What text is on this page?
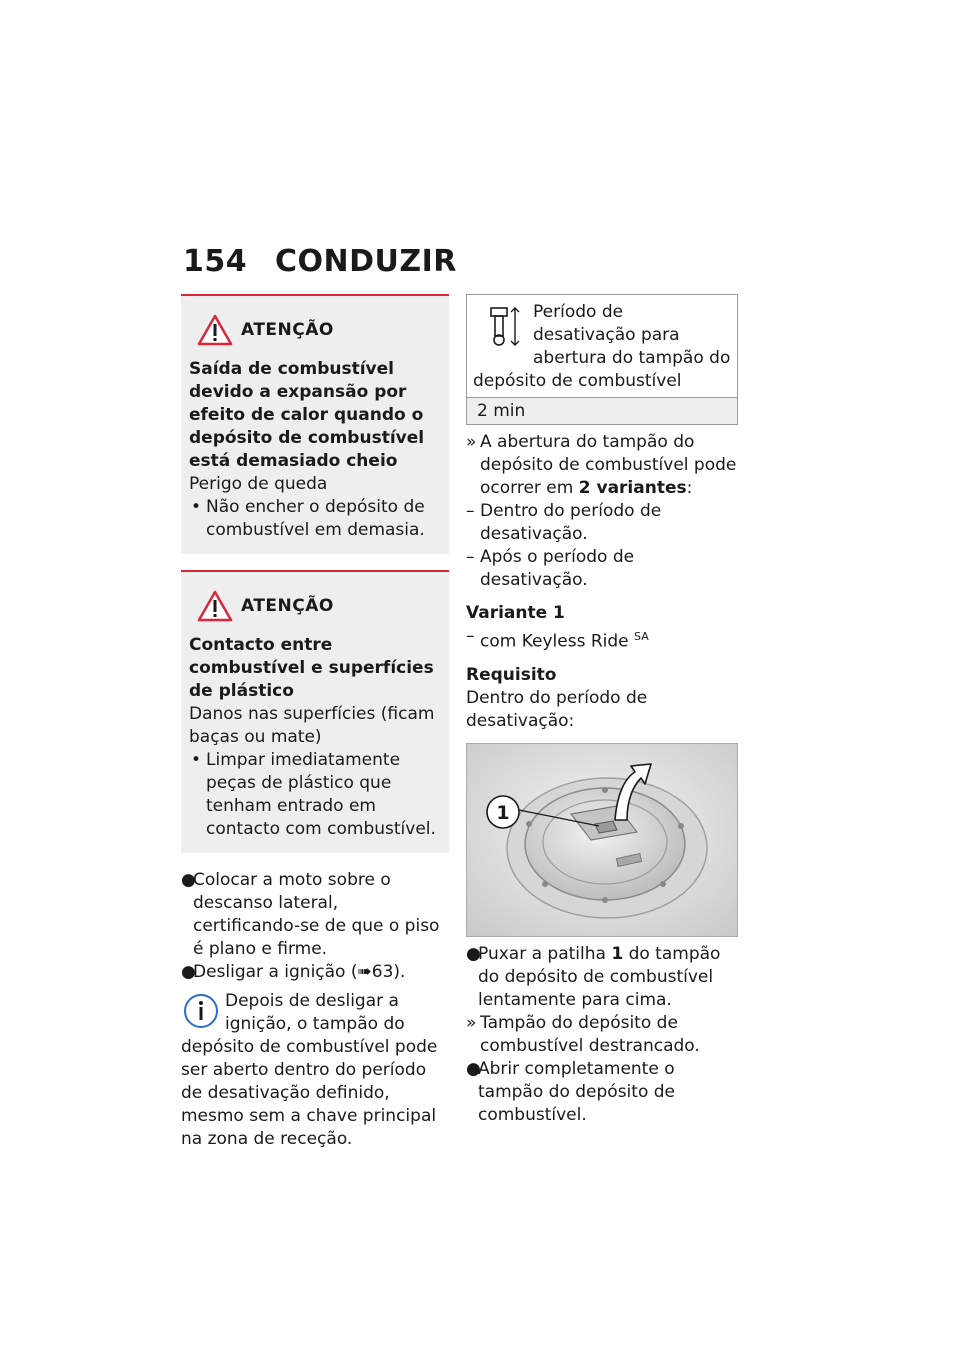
154 CONDUZIR
ATENÇÃO
Saída de combustível devido a expansão por efeito de calor quando o depósito de combustível está demasiado cheio
Perigo de queda
• Não encher o depósito de combustível em demasia.
ATENÇÃO
Contacto entre combustível e superfícies de plástico
Danos nas superfícies (ficam baças ou mate)
• Limpar imediatamente peças de plástico que tenham entrado em contacto com combustível.
●
Colocar a moto sobre o descanso lateral, certificando-se de que o piso é plano e firme.
●
Desligar a ignição (➠63).
Depois de desligar a ignição, o tampão do depósito de combustível pode ser aberto dentro do período de desativação definido, mesmo sem a chave principal na zona de receção.
Período de desativação para abertura do tampão do depósito de combustível
2 min
» A abertura do tampão do depósito de combustível pode ocorrer em 2 variantes:
– Dentro do período de desativação.
– Após o período de desativação.
Variante 1
– com Keyless Ride $^{SA}$
Requisito
Dentro do período de desativação:
1
●
Puxar a patilha 1 do tampão do depósito de combustível lentamente para cima.
» Tampão do depósito de combustível destrancado.
●
Abrir completamente o tampão do depósito de combustível.
